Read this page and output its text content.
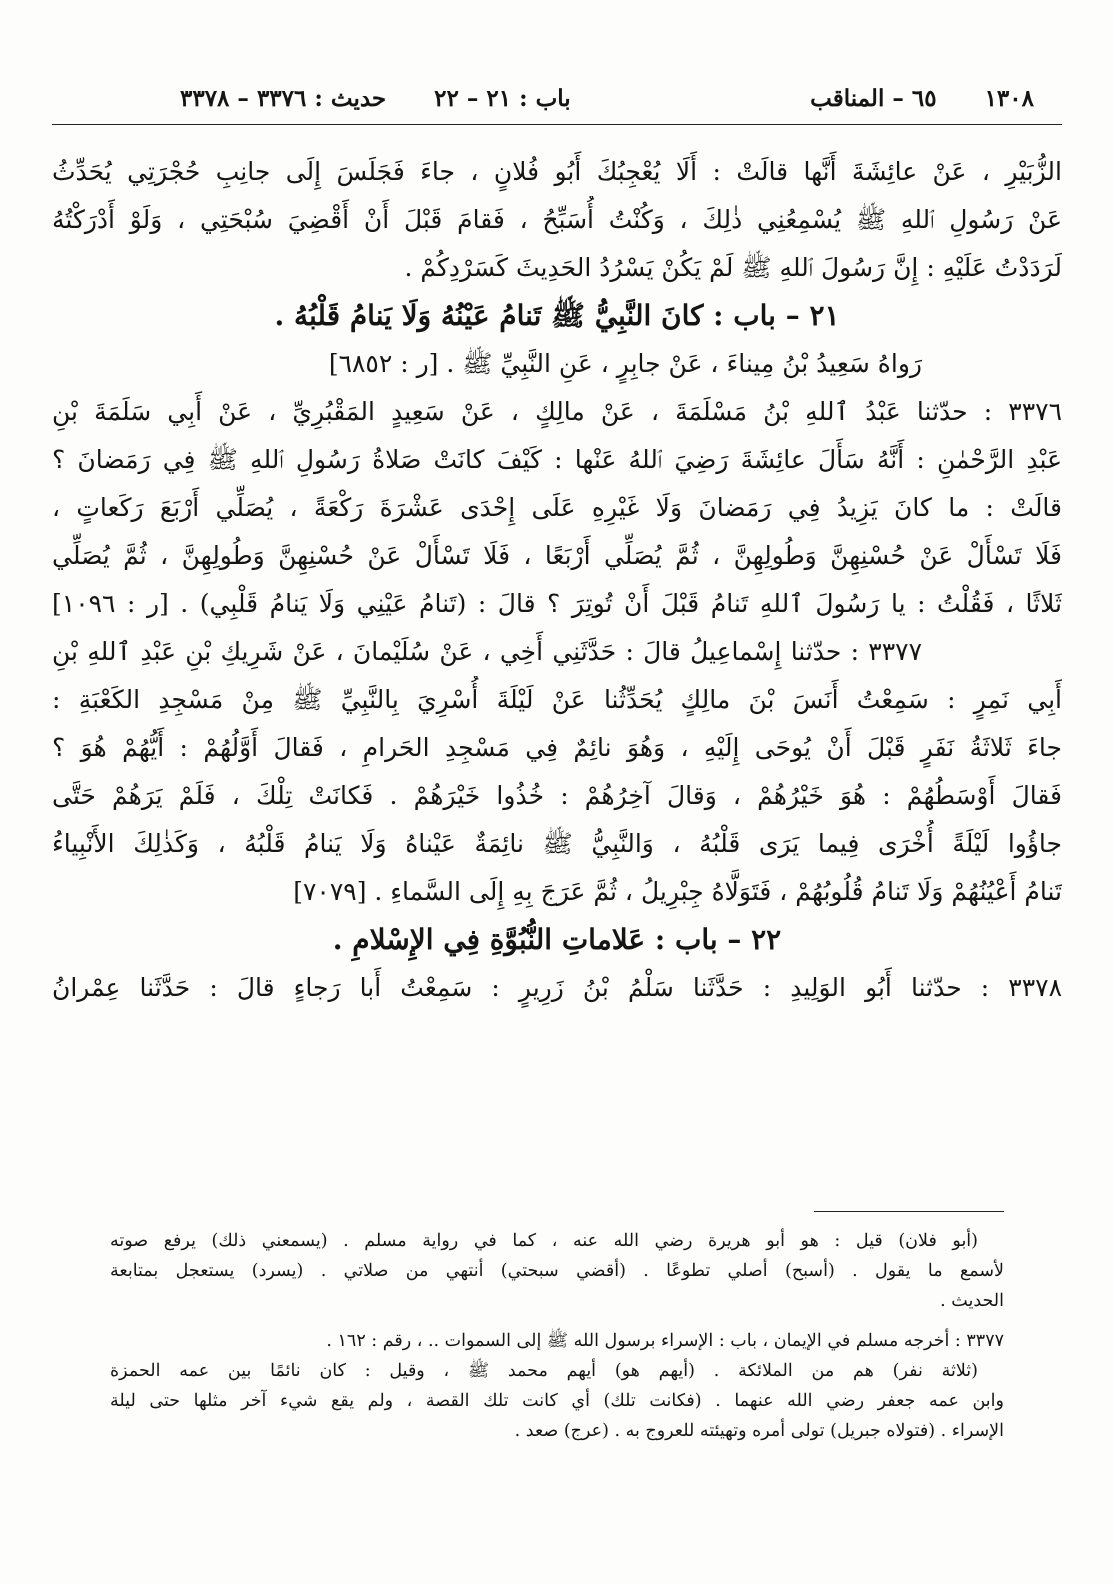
١٣٠٨
٦٥ – المناقب
باب : ٢١ – ٢٢
حديث : ٣٣٧٦ – ٣٣٧٨
الزُّبَيْرِ ، عَنْ عائِشَةَ أَنَّها قالَتْ : أَلَا يُعْجِبُكَ أَبُو فُلانٍ ، جاءَ فَجَلَسَ إِلَى جانِبِ حُجْرَتِي يُحَدِّثُ
عَنْ رَسُولِ ٱللهِ ﷺ يُسْمِعُنِي ذٰلِكَ ، وَكُنْتُ أُسَبِّحُ ، فَقامَ قَبْلَ أَنْ أَقْضِيَ سُبْحَتِي ، وَلَوْ أَدْرَكْتُهُ
لَرَدَدْتُ عَلَيْهِ : إِنَّ رَسُولَ ٱللهِ ﷺ لَمْ يَكُنْ يَسْرُدُ الحَدِيثَ كَسَرْدِكُمْ .
٢١ – باب : كانَ النَّبِيُّ ﷺ تَنامُ عَيْنُهُ وَلَا يَنامُ قَلْبُهُ .
رَواهُ سَعِيدُ بْنُ مِيناءَ ، عَنْ جابِرٍ ، عَنِ النَّبِيِّ ﷺ . [ر : ٦٨٥٢]
٣٣٧٦ : حدّثنا عَبْدُ ٱللهِ بْنُ مَسْلَمَةَ ، عَنْ مالِكٍ ، عَنْ سَعِيدٍ المَقْبُرِيِّ ، عَنْ أَبِي سَلَمَةَ بْنِ
عَبْدِ الرَّحْمٰنِ : أَنَّهُ سَأَلَ عائِشَةَ رَضِيَ ٱللهُ عَنْها : كَيْفَ كانَتْ صَلاةُ رَسُولِ ٱللهِ ﷺ فِي رَمَضانَ ؟
قالَتْ : ما كانَ يَزِيدُ فِي رَمَضانَ وَلَا غَيْرِهِ عَلَى إِحْدَى عَشْرَةَ رَكْعَةً ، يُصَلِّي أَرْبَعَ رَكَعاتٍ ،
فَلَا تَسْأَلْ عَنْ حُسْنِهِنَّ وَطُولِهِنَّ ، ثُمَّ يُصَلِّي أَرْبَعًا ، فَلَا تَسْأَلْ عَنْ حُسْنِهِنَّ وَطُولِهِنَّ ، ثُمَّ يُصَلِّي
ثَلاثًا ، فَقُلْتُ : يا رَسُولَ ٱللهِ تَنامُ قَبْلَ أَنْ تُوتِرَ ؟ قالَ : (تَنامُ عَيْنِي وَلَا يَنامُ قَلْبِي) . [ر : ١٠٩٦]
٣٣٧٧ : حدّثنا إِسْماعِيلُ قالَ : حَدَّثَنِي أَخِي ، عَنْ سُلَيْمانَ ، عَنْ شَرِيكِ بْنِ عَبْدِ ٱللهِ بْنِ
أَبِي نَمِرٍ : سَمِعْتُ أَنَسَ بْنَ مالِكٍ يُحَدِّثُنا عَنْ لَيْلَةَ أُسْرِيَ بِالنَّبِيِّ ﷺ مِنْ مَسْجِدِ الكَعْبَةِ :
جاءَ ثَلاثَةُ نَفَرٍ قَبْلَ أَنْ يُوحَى إِلَيْهِ ، وَهُوَ نائِمٌ فِي مَسْجِدِ الحَرامِ ، فَقالَ أَوَّلُهُمْ : أَيُّهُمْ هُوَ ؟
فَقالَ أَوْسَطُهُمْ : هُوَ خَيْرُهُمْ ، وَقالَ آخِرُهُمْ : خُذُوا خَيْرَهُمْ . فَكانَتْ تِلْكَ ، فَلَمْ يَرَهُمْ حَتَّى
جاؤُوا لَيْلَةً أُخْرَى فِيما يَرَى قَلْبُهُ ، وَالنَّبِيُّ ﷺ نائِمَةٌ عَيْناهُ وَلَا يَنامُ قَلْبُهُ ، وَكَذٰلِكَ الأَنْبِياءُ
تَنامُ أَعْيُنُهُمْ وَلَا تَنامُ قُلُوبُهُمْ ، فَتَوَلَّاهُ جِبْرِيلُ ، ثُمَّ عَرَجَ بِهِ إِلَى السَّماءِ . [٧٠٧٩]
٢٢ – باب : عَلاماتِ النُّبُوَّةِ فِي الإِسْلامِ .
٣٣٧٨ : حدّثنا أَبُو الوَلِيدِ : حَدَّثَنا سَلْمُ بْنُ زَرِيرٍ : سَمِعْتُ أَبا رَجاءٍ قالَ : حَدَّثَنا عِمْرانُ
(أبو فلان) قيل : هو أبو هريرة رضي الله عنه ، كما في رواية مسلم . (يسمعني ذلك) يرفع صوته
لأسمع ما يقول . (أسبح) أصلي تطوعًا . (أقضي سبحتي) أنتهي من صلاتي . (يسرد) يستعجل بمتابعة
الحديث .
٣٣٧٧ : أخرجه مسلم في الإيمان ، باب : الإسراء برسول الله ﷺ إلى السموات .. ، رقم : ١٦٢ .
(ثلاثة نفر) هم من الملائكة . (أيهم هو) أيهم محمد ﷺ ، وقيل : كان نائمًا بين عمه الحمزة
وابن عمه جعفر رضي الله عنهما . (فكانت تلك) أي كانت تلك القصة ، ولم يقع شيء آخر مثلها حتى ليلة
الإسراء . (فتولاه جبريل) تولى أمره وتهيئته للعروج به . (عرج) صعد .
